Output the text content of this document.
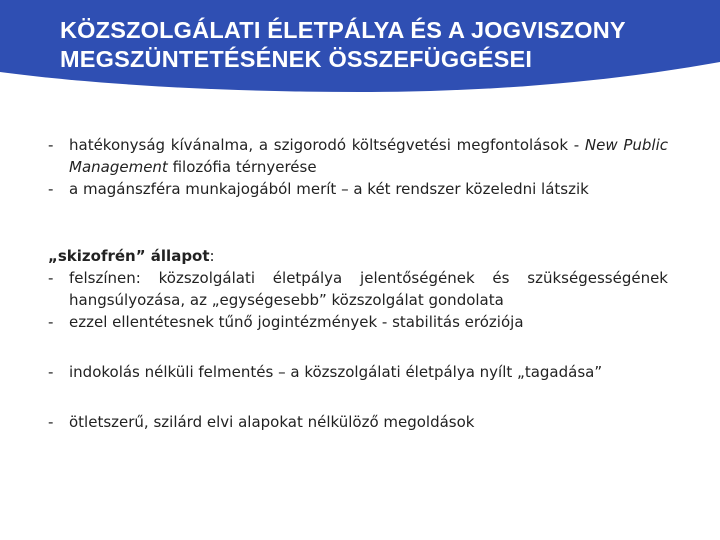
KÖZSZOLGÁLATI ÉLETPÁLYA ÉS A JOGVISZONY
MEGSZÜNTETÉSÉNEK ÖSSZEFÜGGÉSEI
- hatékonyság kívánalma, a szigorodó költségvetési megfontolások - New Public Management filozófia térnyerése
- a magánszféra munkajogából merít – a két rendszer közeledni látszik
„skizofrén” állapot:
- felszínen: közszolgálati életpálya jelentőségének és szükségességének hangsúlyozása, az „egységesebb” közszolgálat gondolata
- ezzel ellentétesnek tűnő jogintézmények - stabilitás eróziója
- indokolás nélküli felmentés – a közszolgálati életpálya nyílt „tagadása”
- ötletszerű, szilárd elvi alapokat nélkülöző megoldások
